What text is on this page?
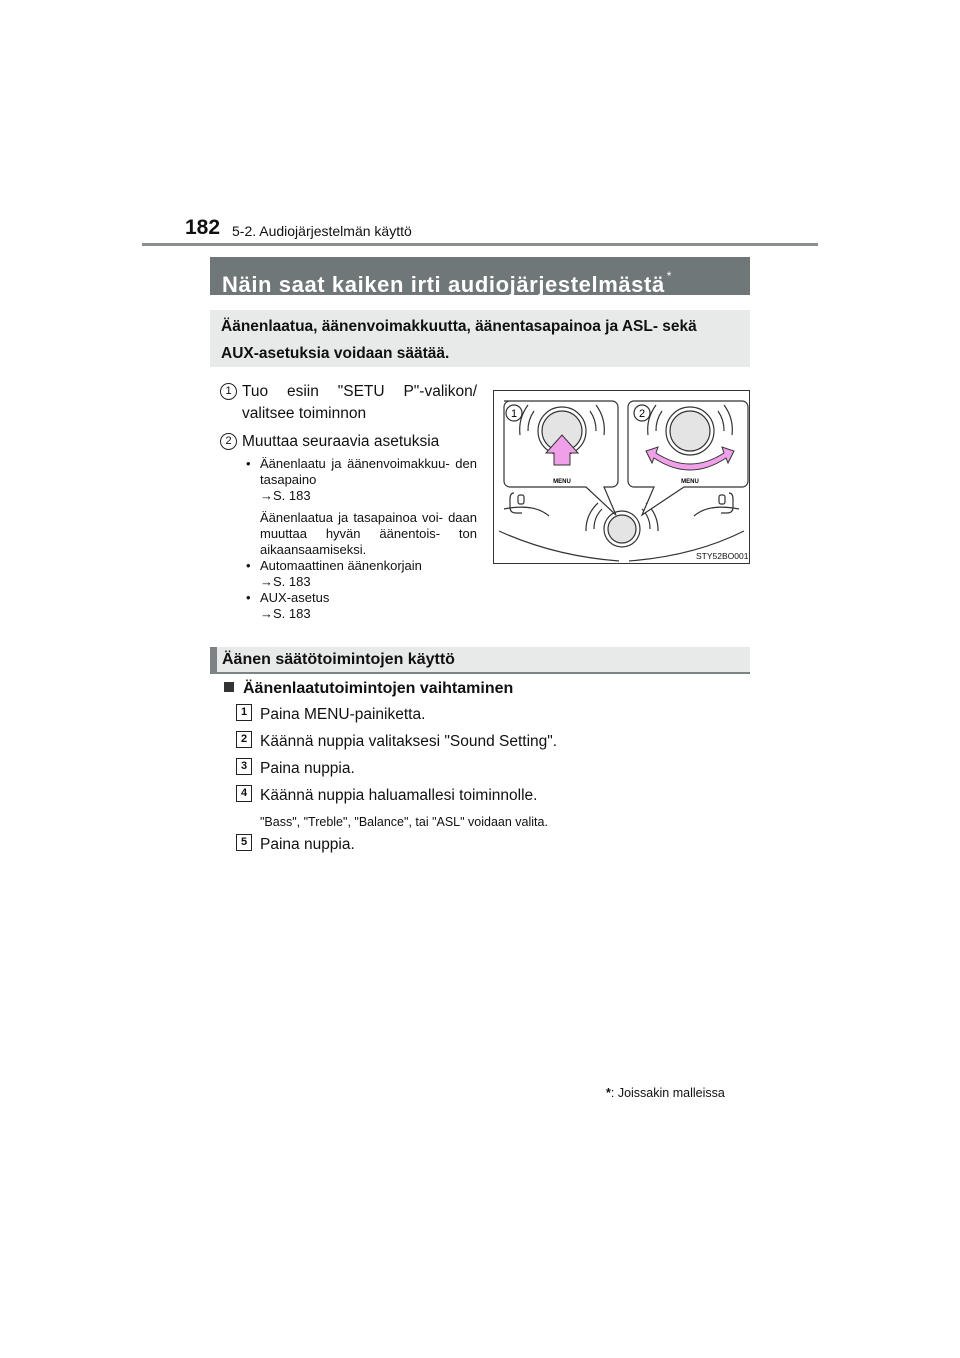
182 5-2. Audiojärjestelmän käyttö
Näin saat kaiken irti audiojärjestelmästä *
Äänenlaatua, äänenvoimakkuutta, äänentasapainoa ja ASL- sekä AUX-asetuksia voidaan säätää.
1 Tuo esiin "SETU P"-valikon/ valitsee toiminnon
2 Muuttaa seuraavia asetuksia
• Äänenlaatu ja äänenvoimakkuu- den tasapaino
→S. 183
Äänenlaatua ja tasapainoa voi- daan muuttaa hyvän äänentois- ton aikaansaamiseksi.
• Automaattinen äänenkorjain
→S. 183
• AUX-asetus
→S. 183
1	2
MENU	MENU
STY52BO001
Äänen säätötoimintojen käyttö
Äänenlaatutoimintojen vaihtaminen
1 Paina MENU-painiketta.
2 Käännä nuppia valitaksesi "Sound Setting".
3 Paina nuppia.
4 Käännä nuppia haluamallesi toiminnolle.
"Bass", "Treble", "Balance", tai "ASL" voidaan valita.
5 Paina nuppia.
*: Joissakin malleissa
